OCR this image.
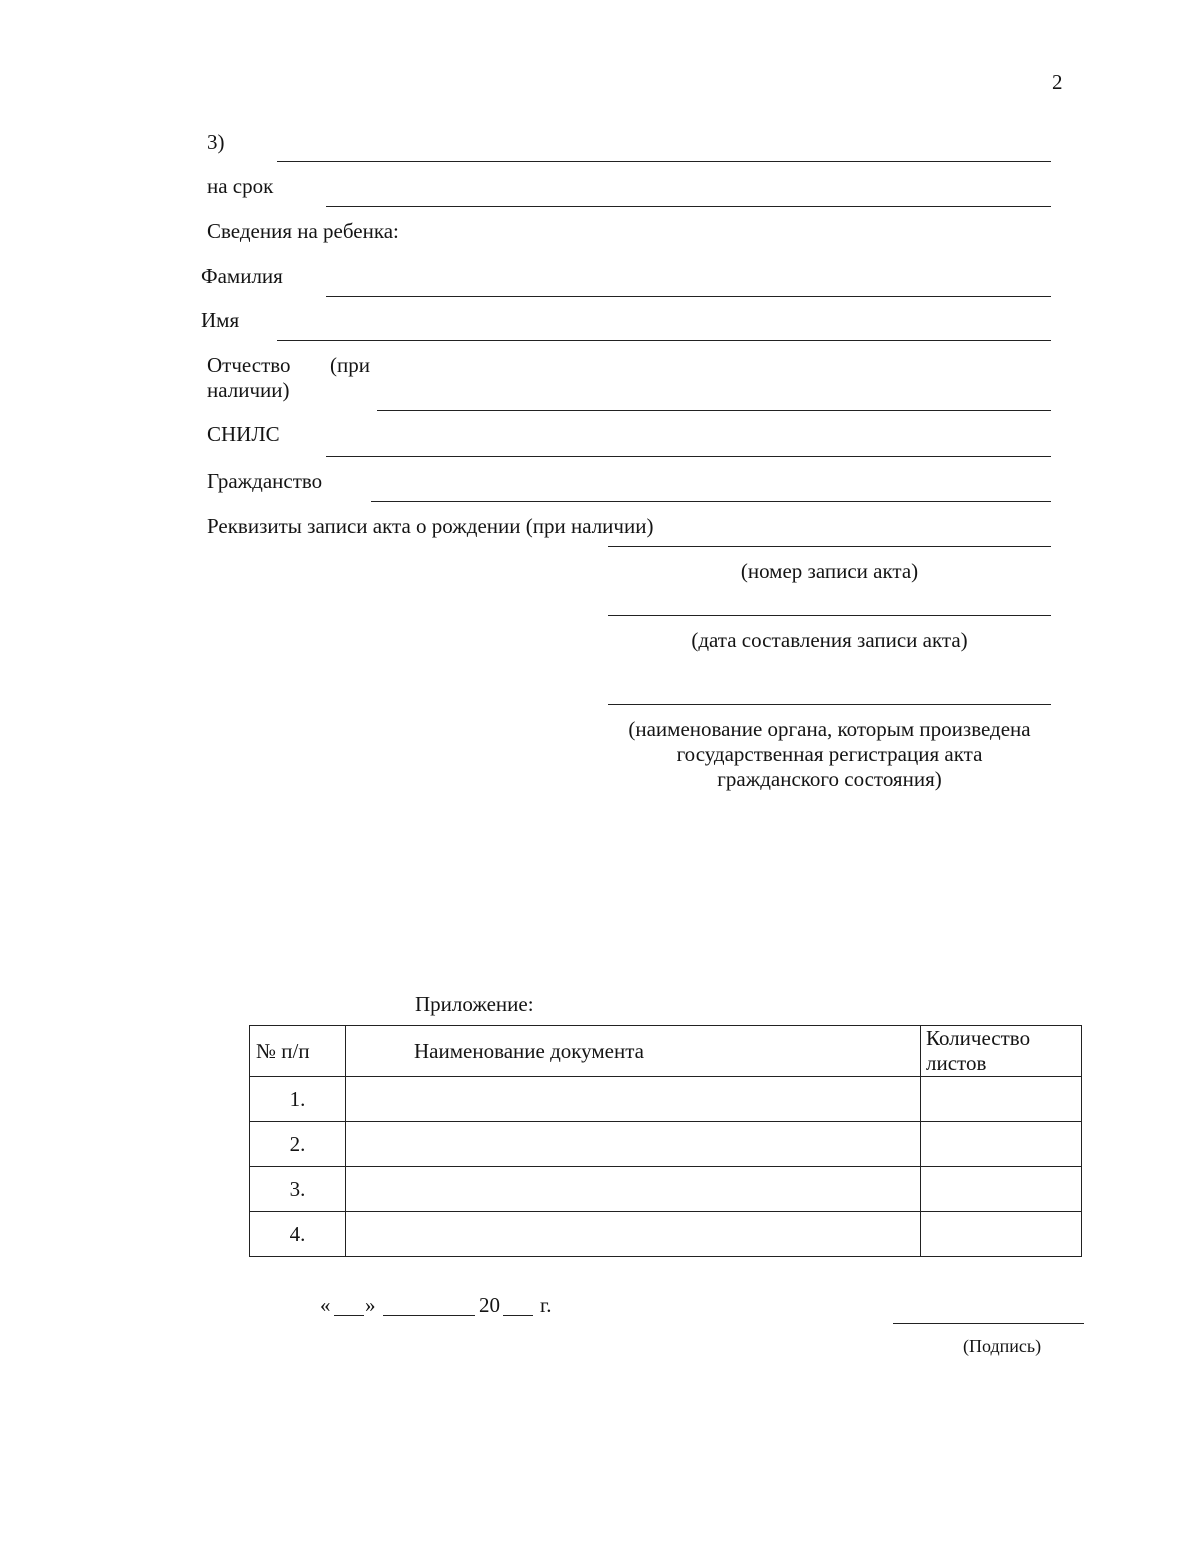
2
3)
на срок
Сведения на ребенка:
Фамилия
Имя
Отчество (при
наличии)
СНИЛС
Гражданство
Реквизиты записи акта о рождении (при наличии)
(номер записи акта)
(дата составления записи акта)
(наименование органа, которым произведена
государственная регистрация акта
гражданского состояния)
Приложение:
№ п/п	Наименование документа	Количество листов
1.		
2.		
3.		
4.		
« »	20 г.
(Подпись)
